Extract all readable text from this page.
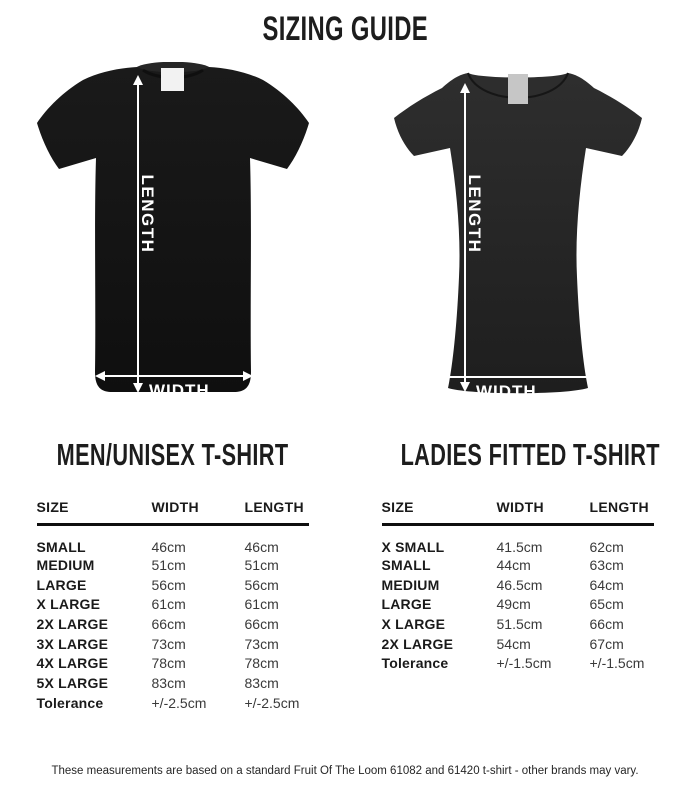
SIZING GUIDE
LENGTH
WIDTH
LENGTH
WIDTH
MEN/UNISEX T-SHIRT	LADIES FITTED T-SHIRT
SIZE	WIDTH	LENGTH
SMALL	46cm	46cm
MEDIUM	51cm	51cm
LARGE	56cm	56cm
X LARGE	61cm	61cm
2X LARGE	66cm	66cm
3X LARGE	73cm	73cm
4X LARGE	78cm	78cm
5X LARGE	83cm	83cm
Tolerance	+/-2.5cm	+/-2.5cm
SIZE	WIDTH	LENGTH
X SMALL	41.5cm	62cm
SMALL	44cm	63cm
MEDIUM	46.5cm	64cm
LARGE	49cm	65cm
X LARGE	51.5cm	66cm
2X LARGE	54cm	67cm
Tolerance	+/-1.5cm	+/-1.5cm
These measurements are based on a standard Fruit Of The Loom 61082 and 61420 t-shirt - other brands may vary.
